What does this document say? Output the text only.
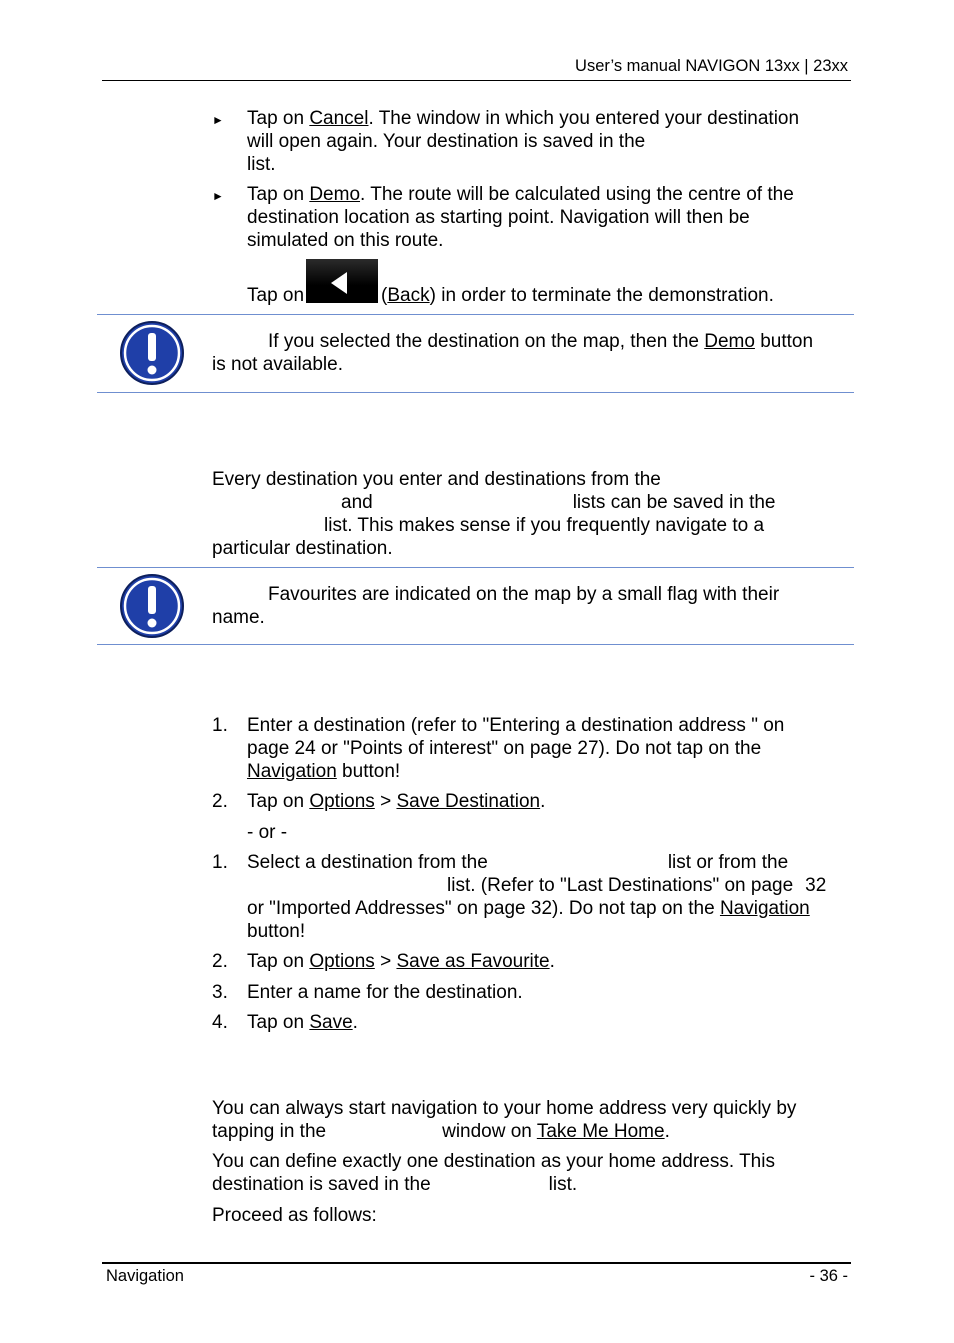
User’s manual NAVIGON 13xx | 23xx
► Tap on Cancel. The window in which you entered your destination
will open again. Your destination is saved in the
list.
► Tap on Demo. The route will be calculated using the centre of the
destination location as starting point. Navigation will then be
simulated on this route.
Tap on	(Back) in order to terminate the demonstration.
If you selected the destination on the map, then the Demo button
is not available.
Every destination you enter and destinations from the
and	lists can be saved in the
list. This makes sense if you frequently navigate to a
particular destination.
Favourites are indicated on the map by a small flag with their
name.
1.	Enter a destination (refer to "Entering a destination address " on
page 24 or "Points of interest" on page 27). Do not tap on the
Navigation button!
2.	Tap on Options > Save Destination.
- or -
1.	Select a destination from the	list or from the
list. (Refer to "Last Destinations" on page 32
or "Imported Addresses" on page 32). Do not tap on the Navigation
button!
2.	Tap on Options > Save as Favourite.
3.	Enter a name for the destination.
4.	Tap on Save.
You can always start navigation to your home address very quickly by
tapping in the	window on Take Me Home.
You can define exactly one destination as your home address. This
destination is saved in the	list.
Proceed as follows:
Navigation	- 36 -
